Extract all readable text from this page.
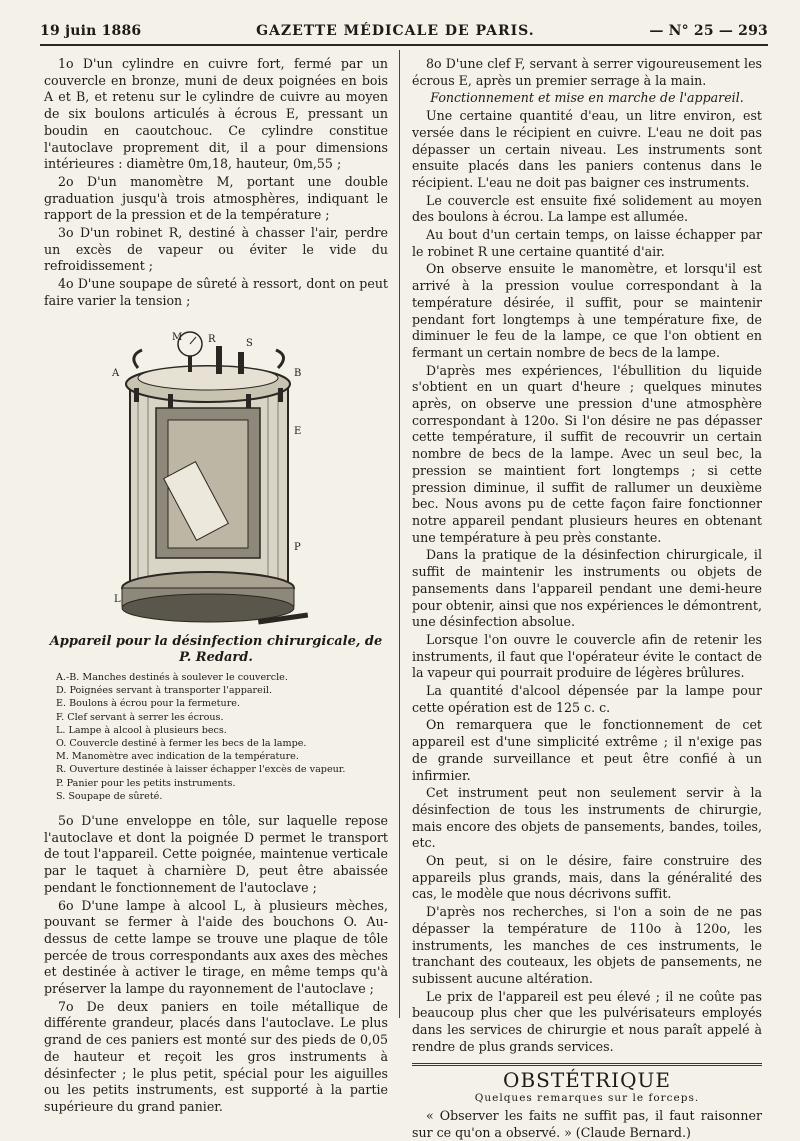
19 juin 1886	GAZETTE MÉDICALE DE PARIS.	— N° 25 — 293

1o D'un cylindre en cuivre fort, fermé par un couvercle en bronze, muni de deux poignées en bois A et B, et retenu sur le cylindre de cuivre au moyen de six boulons articulés à écrous E, pressant un boudin en caoutchouc. Ce cylindre constitue l'autoclave proprement dit, il a pour dimensions intérieures : diamètre 0m,18, hauteur, 0m,55 ;

2o D'un manomètre M, portant une double graduation jusqu'à trois atmosphères, indiquant le rapport de la pression et de la température ;

3o D'un robinet R, destiné à chasser l'air, perdre un excès de vapeur ou éviter le vide du refroidissement ;

4o D'une soupape de sûreté à ressort, dont on peut faire varier la tension ;

A	B
M	R	S
E
L
P

Appareil pour la désinfection chirurgicale, de P. Redard.

A.-B. Manches destinés à soulever le couvercle.
D. Poignées servant à transporter l'appareil.
E. Boulons à écrou pour la fermeture.
F. Clef servant à serrer les écrous.
L. Lampe à alcool à plusieurs becs.
O. Couvercle destiné à fermer les becs de la lampe.
M. Manomètre avec indication de la température.
R. Ouverture destinée à laisser échapper l'excès de vapeur.
P. Panier pour les petits instruments.
S. Soupape de sûreté.

5o D'une enveloppe en tôle, sur laquelle repose l'autoclave et dont la poignée D permet le transport de tout l'appareil. Cette poignée, maintenue verticale par le taquet à charnière D, peut être abaissée pendant le fonctionnement de l'autoclave ;

6o D'une lampe à alcool L, à plusieurs mèches, pouvant se fermer à l'aide des bouchons O. Au-dessus de cette lampe se trouve une plaque de tôle percée de trous correspondants aux axes des mèches et destinée à activer le tirage, en même temps qu'à préserver la lampe du rayonnement de l'autoclave ;

7o De deux paniers en toile métallique de différente grandeur, placés dans l'autoclave. Le plus grand de ces paniers est monté sur des pieds de 0,05 de hauteur et reçoit les gros instruments à désinfecter ; le plus petit, spécial pour les aiguilles ou les petits instruments, est supporté à la partie supérieure du grand panier.

8o D'une clef F, servant à serrer vigoureusement les écrous E, après un premier serrage à la main.

Fonctionnement et mise en marche de l'appareil.

Une certaine quantité d'eau, un litre environ, est versée dans le récipient en cuivre. L'eau ne doit pas dépasser un certain niveau. Les instruments sont ensuite placés dans les paniers contenus dans le récipient. L'eau ne doit pas baigner ces instruments.

Le couvercle est ensuite fixé solidement au moyen des boulons à écrou. La lampe est allumée.

Au bout d'un certain temps, on laisse échapper par le robinet R une certaine quantité d'air.

On observe ensuite le manomètre, et lorsqu'il est arrivé à la pression voulue correspondant à la température désirée, il suffit, pour se maintenir pendant fort longtemps à une température fixe, de diminuer le feu de la lampe, ce que l'on obtient en fermant un certain nombre de becs de la lampe.

D'après mes expériences, l'ébullition du liquide s'obtient en un quart d'heure ; quelques minutes après, on observe une pression d'une atmosphère correspondant à 120o. Si l'on désire ne pas dépasser cette température, il suffit de recouvrir un certain nombre de becs de la lampe. Avec un seul bec, la pression se maintient fort longtemps ; si cette pression diminue, il suffit de rallumer un deuxième bec. Nous avons pu de cette façon faire fonctionner notre appareil pendant plusieurs heures en obtenant une température à peu près constante.

Dans la pratique de la désinfection chirurgicale, il suffit de maintenir les instruments ou objets de pansements dans l'appareil pendant une demi-heure pour obtenir, ainsi que nos expériences le démontrent, une désinfection absolue.

Lorsque l'on ouvre le couvercle afin de retenir les instruments, il faut que l'opérateur évite le contact de la vapeur qui pourrait produire de légères brûlures.

La quantité d'alcool dépensée par la lampe pour cette opération est de 125 c. c.

On remarquera que le fonctionnement de cet appareil est d'une simplicité extrême ; il n'exige pas de grande surveillance et peut être confié à un infirmier.

Cet instrument peut non seulement servir à la désinfection de tous les instruments de chirurgie, mais encore des objets de pansements, bandes, toiles, etc.

On peut, si on le désire, faire construire des appareils plus grands, mais, dans la généralité des cas, le modèle que nous décrivons suffit.

D'après nos recherches, si l'on a soin de ne pas dépasser la température de 110o à 120o, les instruments, les manches de ces instruments, le tranchant des couteaux, les objets de pansements, ne subissent aucune altération.

Le prix de l'appareil est peu élevé ; il ne coûte pas beaucoup plus cher que les pulvérisateurs employés dans les services de chirurgie et nous paraît appelé à rendre de plus grands services.

OBSTÉTRIQUE

Quelques remarques sur le forceps.

« Observer les faits ne suffit pas, il faut raisonner sur ce qu'on a observé. » (Claude Bernard.)
